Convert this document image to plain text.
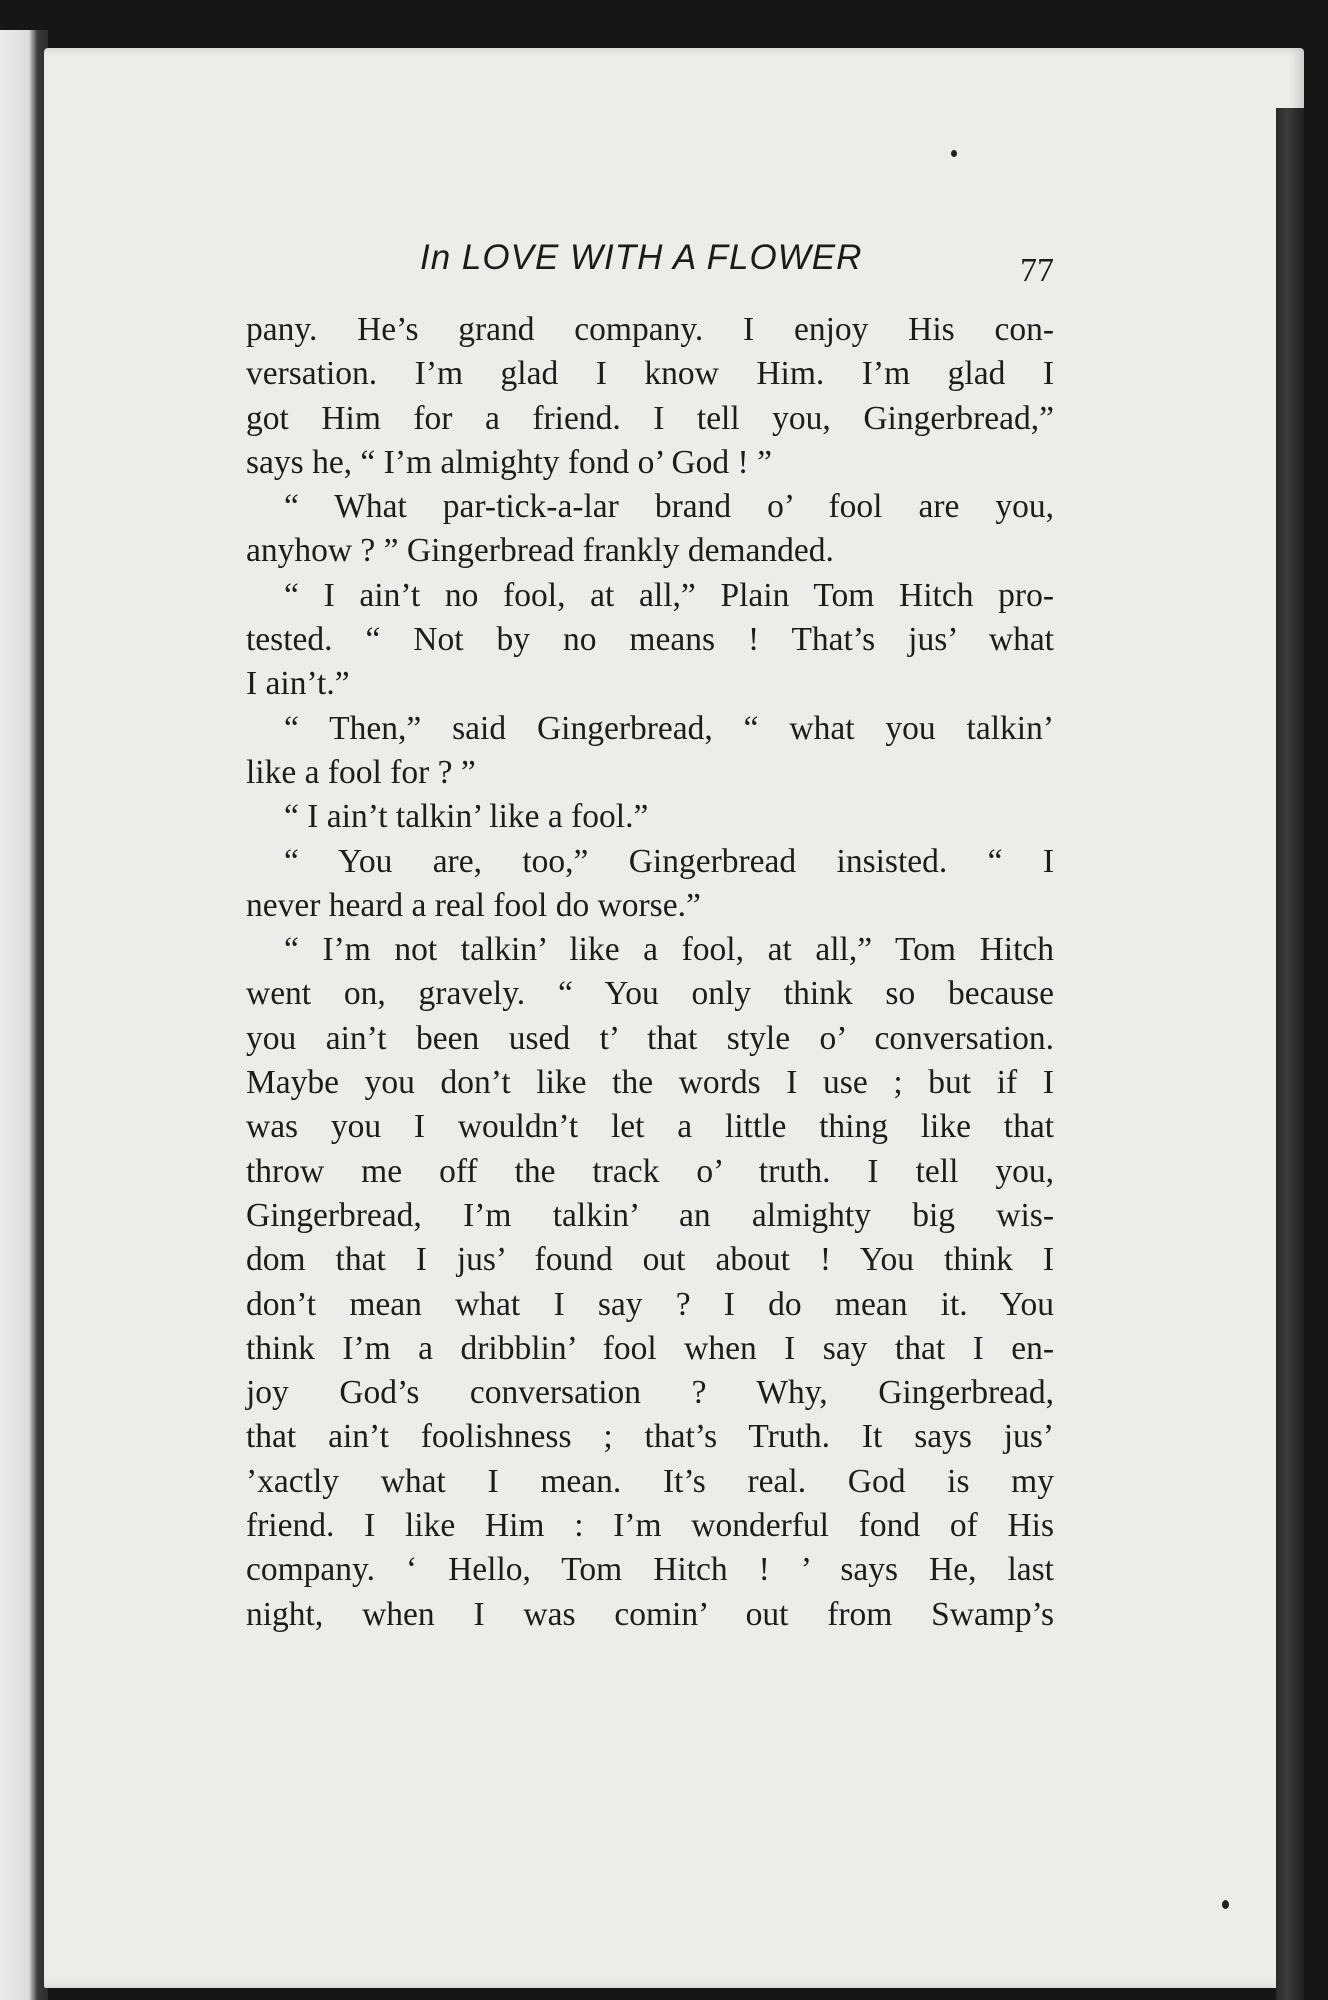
In LOVE WITH A FLOWER	77
pany. He’s grand company. I enjoy His con-
versation. I’m glad I know Him. I’m glad I
got Him for a friend. I tell you, Gingerbread,”
says he, “ I’m almighty fond o’ God ! ”
“ What par-tick-a-lar brand o’ fool are you,
anyhow ? ” Gingerbread frankly demanded.
“ I ain’t no fool, at all,” Plain Tom Hitch pro-
tested. “ Not by no means ! That’s jus’ what
I ain’t.”
“ Then,” said Gingerbread, “ what you talkin’
like a fool for ? ”
“ I ain’t talkin’ like a fool.”
“ You are, too,” Gingerbread insisted. “ I
never heard a real fool do worse.”
“ I’m not talkin’ like a fool, at all,” Tom Hitch
went on, gravely. “ You only think so because
you ain’t been used t’ that style o’ conversation.
Maybe you don’t like the words I use ; but if I
was you I wouldn’t let a little thing like that
throw me off the track o’ truth. I tell you,
Gingerbread, I’m talkin’ an almighty big wis-
dom that I jus’ found out about ! You think I
don’t mean what I say ? I do mean it. You
think I’m a dribblin’ fool when I say that I en-
joy God’s conversation ? Why, Gingerbread,
that ain’t foolishness ; that’s Truth. It says jus’
’xactly what I mean. It’s real. God is my
friend. I like Him : I’m wonderful fond of His
company. ‘ Hello, Tom Hitch ! ’ says He, last
night, when I was comin’ out from Swamp’s
